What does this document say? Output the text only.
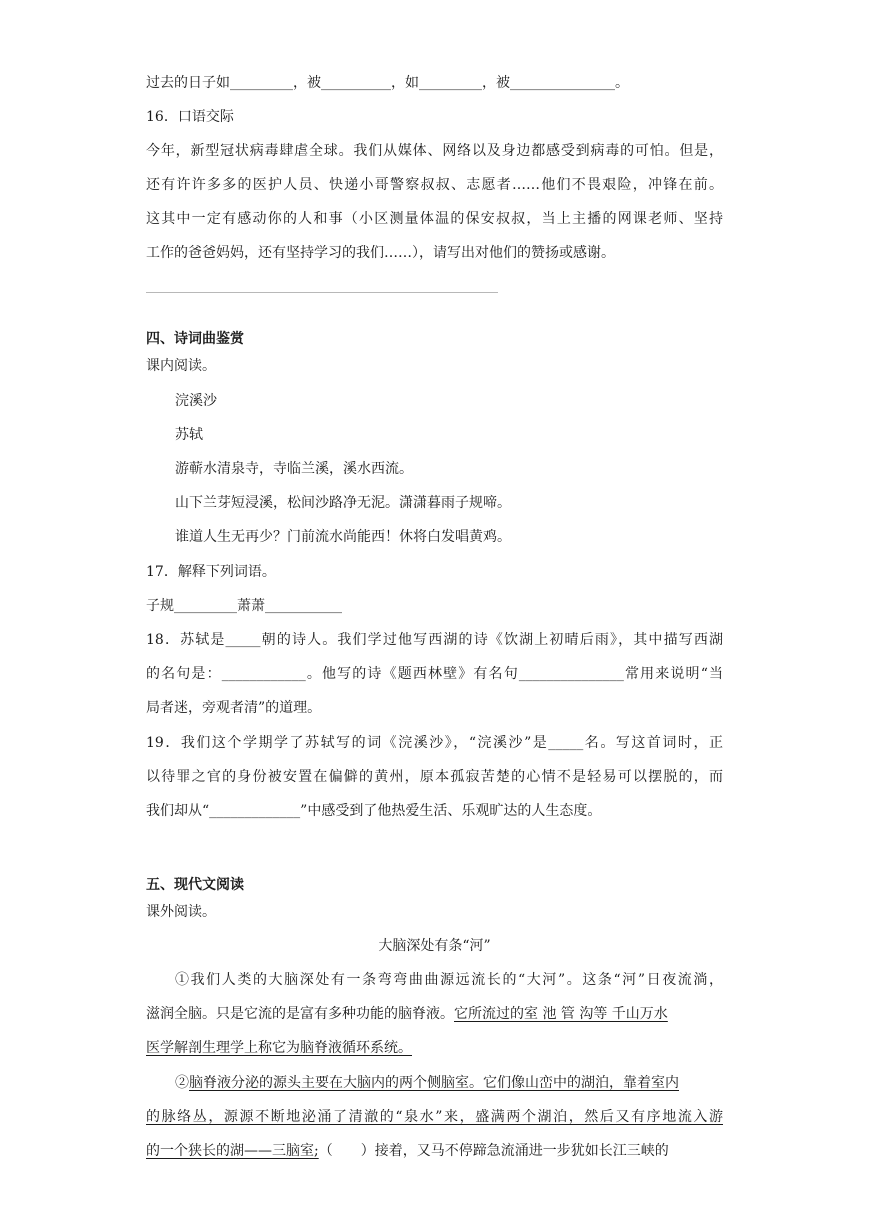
过去的日子如_________，被__________，如_________，被_______________。
16．口语交际
今年，新型冠状病毒肆虐全球。我们从媒体、网络以及身边都感受到病毒的可怕。但是，
还有许许多多的医护人员、快递小哥警察叔叔、志愿者……他们不畏艰险，冲锋在前。
这其中一定有感动你的人和事（小区测量体温的保安叔叔，当上主播的网课老师、坚持
工作的爸爸妈妈，还有坚持学习的我们……），请写出对他们的赞扬或感谢。
四、诗词曲鉴赏
课内阅读。
浣溪沙
苏轼
游蕲水清泉寺，寺临兰溪，溪水西流。
山下兰芽短浸溪，松间沙路净无泥。潇潇暮雨子规啼。
谁道人生无再少？门前流水尚能西！休将白发唱黄鸡。
17．解释下列词语。
子规_________萧萧___________
18．苏轼是_____朝的诗人。我们学过他写西湖的诗《饮湖上初晴后雨》，其中描写西湖
的名句是：____________。他写的诗《题西林壁》有名句_______________常用来说明“当
局者迷，旁观者清”的道理。
19．我们这个学期学了苏轼写的词《浣溪沙》，“浣溪沙”是_____名。写这首词时，正
以待罪之官的身份被安置在偏僻的黄州，原本孤寂苦楚的心情不是轻易可以摆脱的，而
我们却从“_____________”中感受到了他热爱生活、乐观旷达的人生态度。
五、现代文阅读
课外阅读。
大脑深处有条“河”
①我们人类的大脑深处有一条弯弯曲曲源远流长的“大河”。这条“河”日夜流淌，
滋润全脑。只是它流的是富有多种功能的脑脊液。它所流过的室 池 管 沟等 千山万水
医学解剖生理学上称它为脑脊液循环系统。
②脑脊液分泌的源头主要在大脑内的两个侧脑室。它们像山峦中的湖泊，靠着室内
的脉络丛，源源不断地泌涌了清澈的“泉水”来，盛满两个湖泊，然后又有序地流入游
的一个狭长的湖——三脑室;（　　）接着，又马不停蹄急流涌进一步犹如长江三峡的
